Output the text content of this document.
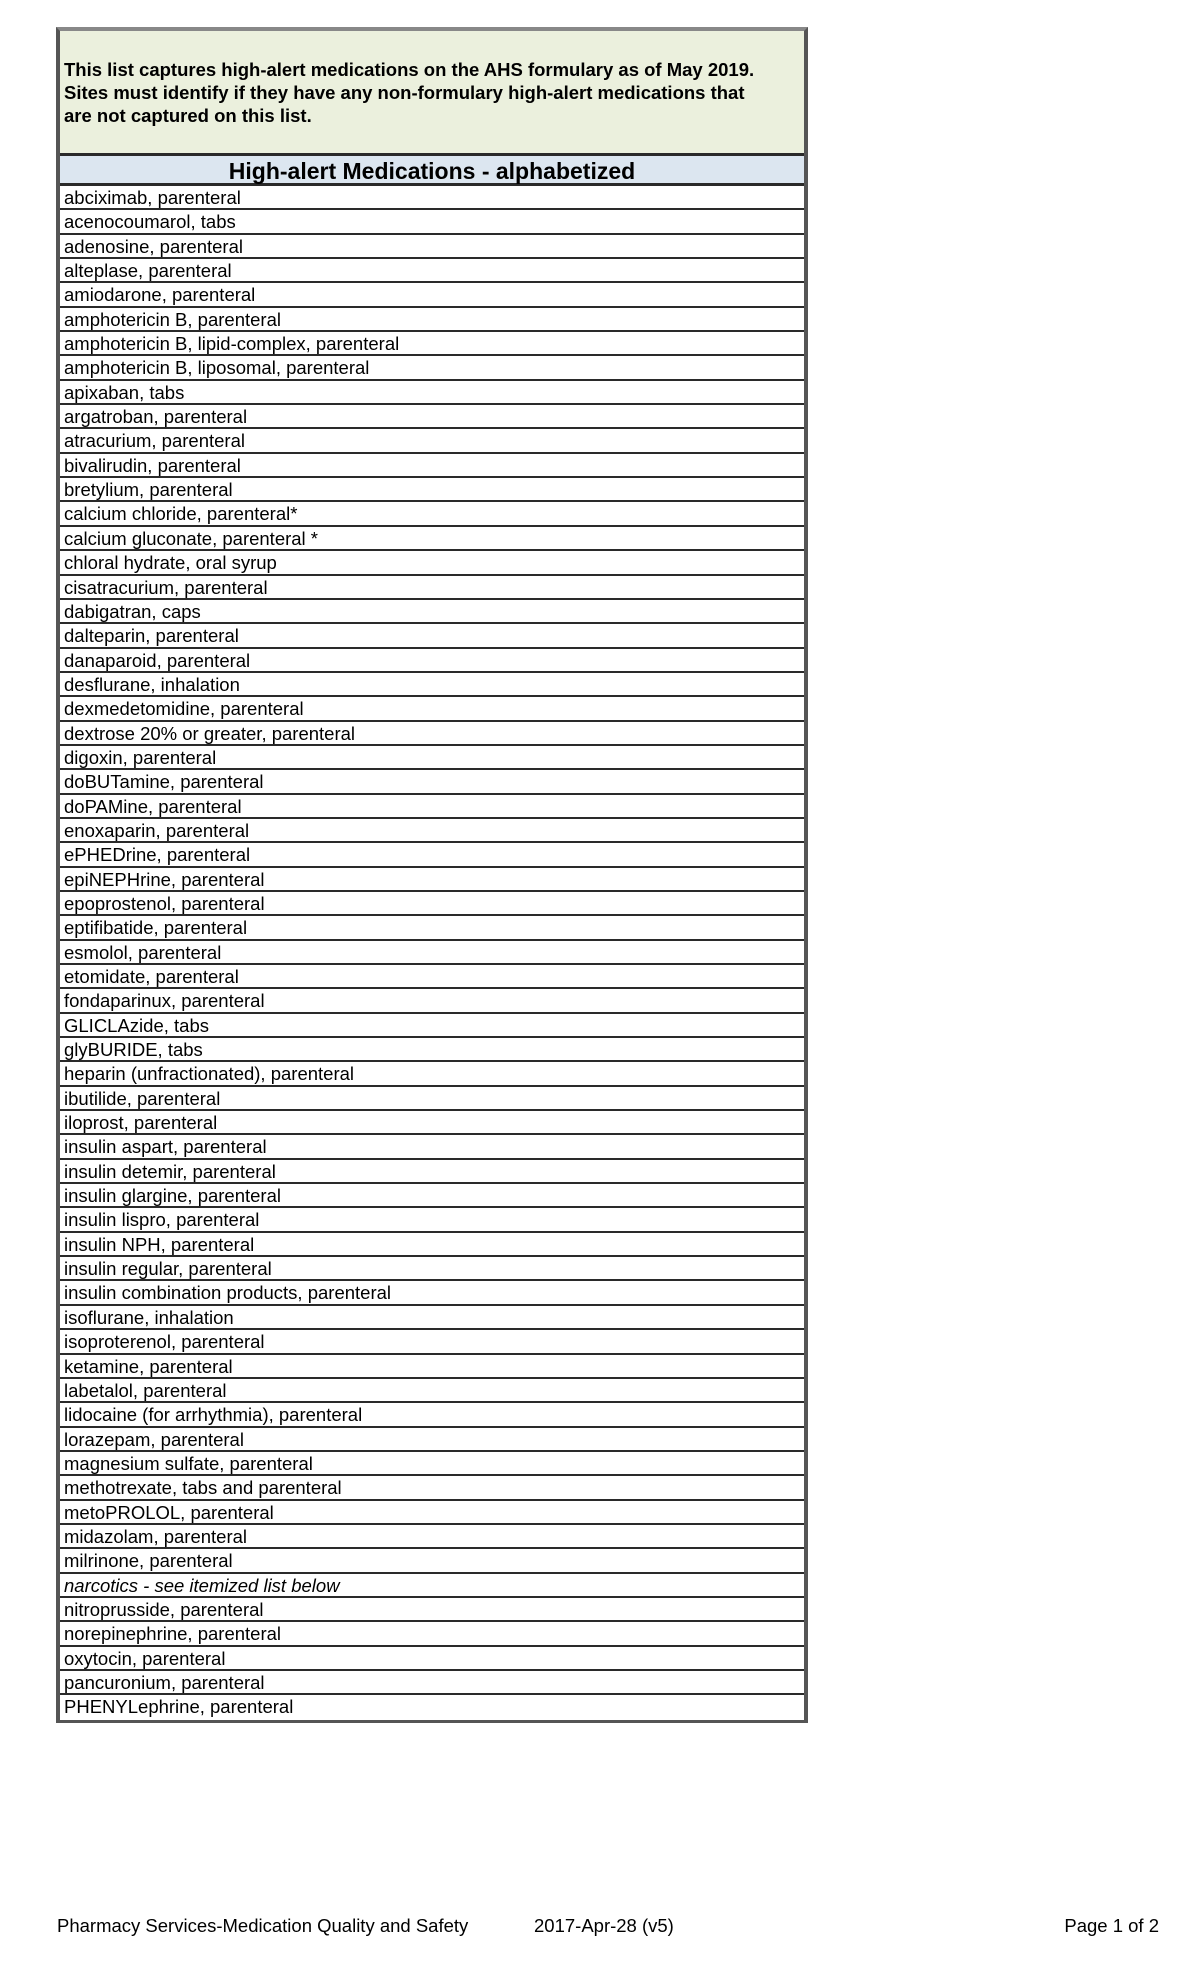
This list captures high-alert medications on the AHS formulary as of May 2019.
Sites must identify if they have any non-formulary high-alert medications that
are not captured on this list.
High-alert Medications - alphabetized
abciximab, parenteral
acenocoumarol, tabs
adenosine, parenteral
alteplase, parenteral
amiodarone, parenteral
amphotericin B, parenteral
amphotericin B, lipid-complex, parenteral
amphotericin B, liposomal, parenteral
apixaban, tabs
argatroban, parenteral
atracurium, parenteral
bivalirudin, parenteral
bretylium, parenteral
calcium chloride, parenteral*
calcium gluconate, parenteral *
chloral hydrate, oral syrup
cisatracurium, parenteral
dabigatran, caps
dalteparin, parenteral
danaparoid, parenteral
desflurane, inhalation
dexmedetomidine, parenteral
dextrose 20% or greater, parenteral
digoxin, parenteral
doBUTamine, parenteral
doPAMine, parenteral
enoxaparin, parenteral
ePHEDrine, parenteral
epiNEPHrine, parenteral
epoprostenol, parenteral
eptifibatide, parenteral
esmolol, parenteral
etomidate, parenteral
fondaparinux, parenteral
GLICLAzide, tabs
glyBURIDE, tabs
heparin (unfractionated), parenteral
ibutilide, parenteral
iloprost, parenteral
insulin aspart, parenteral
insulin detemir, parenteral
insulin glargine, parenteral
insulin lispro, parenteral
insulin NPH, parenteral
insulin regular, parenteral
insulin combination products, parenteral
isoflurane, inhalation
isoproterenol, parenteral
ketamine, parenteral
labetalol, parenteral
lidocaine (for arrhythmia), parenteral
lorazepam, parenteral
magnesium sulfate, parenteral
methotrexate, tabs and parenteral
metoPROLOL, parenteral
midazolam, parenteral
milrinone, parenteral
narcotics - see itemized list below
nitroprusside, parenteral
norepinephrine, parenteral
oxytocin, parenteral
pancuronium, parenteral
PHENYLephrine, parenteral
Pharmacy Services-Medication Quality and Safety	2017-Apr-28 (v5)	Page 1 of 2
